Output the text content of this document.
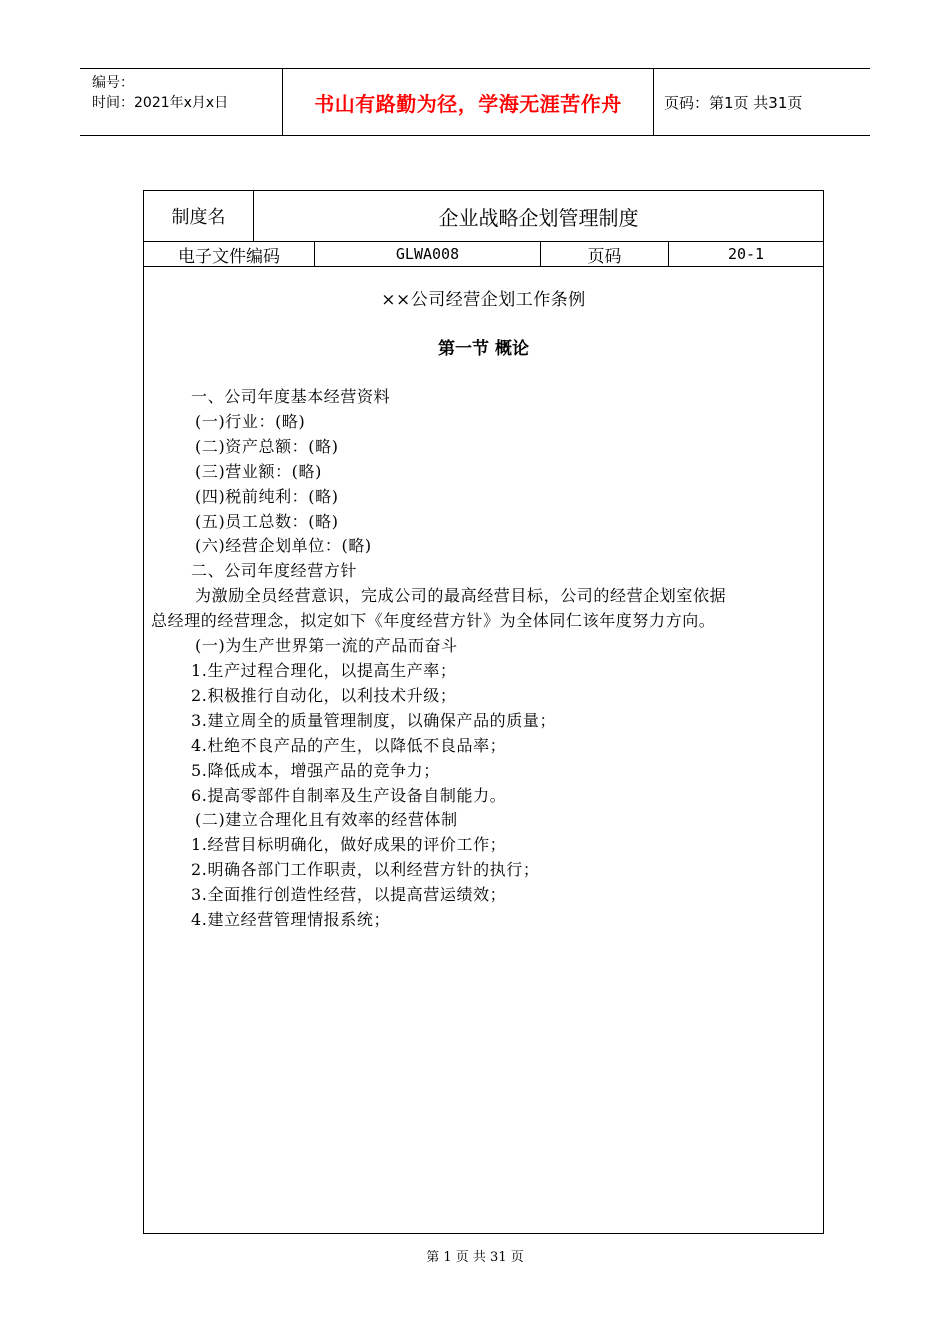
编号：
时间：2021年x月x日	书山有路勤为径，学海无涯苦作舟	页码：第1页 共31页
制度名	企业战略企划管理制度
电子文件编码	GLWA008	页码	20-1
××公司经营企划工作条例
第一节 概论
一、公司年度基本经营资料
(一)行业：(略)
(二)资产总额：(略)
(三)营业额：(略)
(四)税前纯利：(略)
(五)员工总数：(略)
(六)经营企划单位：(略)
二、公司年度经营方针
为激励全员经营意识，完成公司的最高经营目标，公司的经营企划室依据
总经理的经营理念，拟定如下《年度经营方针》为全体同仁该年度努力方向。
(一)为生产世界第一流的产品而奋斗
1.生产过程合理化，以提高生产率；
2.积极推行自动化，以利技术升级；
3.建立周全的质量管理制度，以确保产品的质量；
4.杜绝不良产品的产生，以降低不良品率；
5.降低成本，增强产品的竞争力；
6.提高零部件自制率及生产设备自制能力。
(二)建立合理化且有效率的经营体制
1.经营目标明确化，做好成果的评价工作；
2.明确各部门工作职责，以利经营方针的执行；
3.全面推行创造性经营，以提高营运绩效；
4.建立经营管理情报系统；
第 1 页 共 31 页
